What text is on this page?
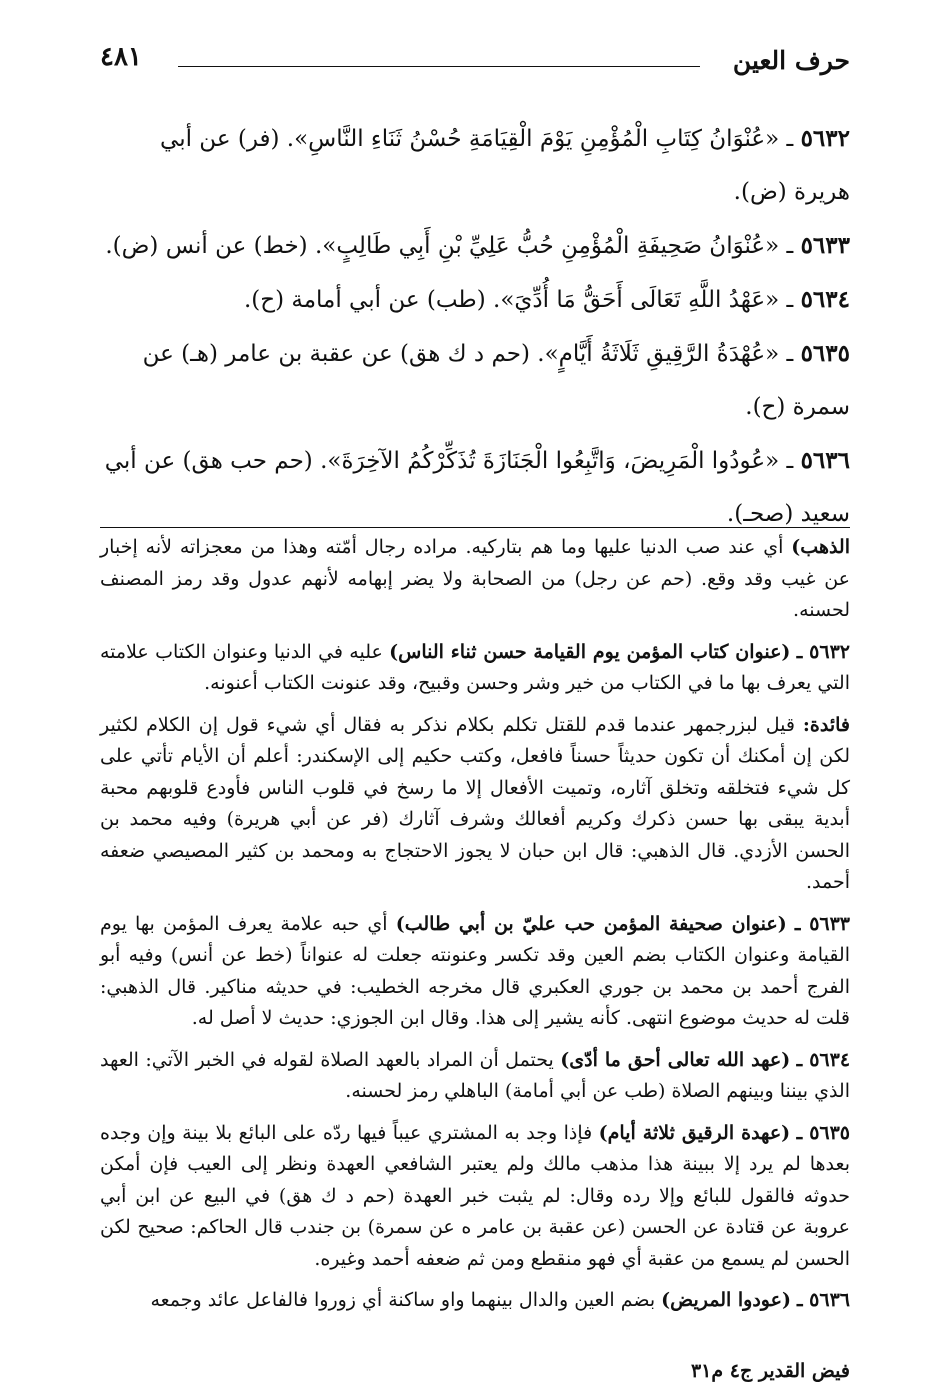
حرف العين
٤٨١

٥٦٣٢ ـ «عُنْوَانُ كِتَابِ الْمُؤْمِنِ يَوْمَ الْقِيَامَةِ حُسْنُ ثَنَاءِ النَّاسِ». (فر) عن أبي
هريرة (ض).

٥٦٣٣ ـ «عُنْوَانُ صَحِيفَةِ الْمُؤْمِنِ حُبُّ عَلِيِّ بْنِ أَبِي طَالِبٍ». (خط) عن أنس (ض).

٥٦٣٤ ـ «عَهْدُ اللَّهِ تَعَالَى أَحَقُّ مَا أُدِّيَ». (طب) عن أبي أمامة (ح).

٥٦٣٥ ـ «عُهْدَةُ الرَّقِيقِ ثَلَاثَةُ أَيَّامٍ». (حم د ك هق) عن عقبة بن عامر (هـ) عن
سمرة (ح).

٥٦٣٦ ـ «عُودُوا الْمَرِيضَ، وَاتَّبِعُوا الْجَنَازَةَ تُذَكِّرْكُمُ الآخِرَةَ». (حم حب هق) عن أبي
سعيد (صحـ).

الذهب) أي عند صب الدنيا عليها وما هم بتاركيه. مراده رجال أمّته وهذا من معجزاته لأنه إخبار عن غيب وقد وقع. (حم عن رجل) من الصحابة ولا يضر إبهامه لأنهم عدول وقد رمز المصنف لحسنه.

٥٦٣٢ ـ (عنوان كتاب المؤمن يوم القيامة حسن ثناء الناس) عليه في الدنيا وعنوان الكتاب علامته التي يعرف بها ما في الكتاب من خير وشر وحسن وقبيح، وقد عنونت الكتاب أعنونه.

فائدة: قيل لبزرجمهر عندما قدم للقتل تكلم بكلام نذكر به فقال أي شيء قول إن الكلام لكثير لكن إن أمكنك أن تكون حديثاً حسناً فافعل، وكتب حكيم إلى الإسكندر: أعلم أن الأيام تأتي على كل شيء فتخلقه وتخلق آثاره، وتميت الأفعال إلا ما رسخ في قلوب الناس فأودع قلوبهم محبة أبدية يبقى بها حسن ذكرك وكريم أفعالك وشرف آثارك (فر عن أبي هريرة) وفيه محمد بن الحسن الأزدي. قال الذهبي: قال ابن حبان لا يجوز الاحتجاج به ومحمد بن كثير المصيصي ضعفه أحمد.

٥٦٣٣ ـ (عنوان صحيفة المؤمن حب عليّ بن أبي طالب) أي حبه علامة يعرف المؤمن بها يوم القيامة وعنوان الكتاب بضم العين وقد تكسر وعنونته جعلت له عنواناً (خط عن أنس) وفيه أبو الفرج أحمد بن محمد بن جوري العكبري قال مخرجه الخطيب: في حديثه مناكير. قال الذهبي: قلت له حديث موضوع انتهى. كأنه يشير إلى هذا. وقال ابن الجوزي: حديث لا أصل له.

٥٦٣٤ ـ (عهد الله تعالى أحق ما أدّى) يحتمل أن المراد بالعهد الصلاة لقوله في الخبر الآتي: العهد الذي بيننا وبينهم الصلاة (طب عن أبي أمامة) الباهلي رمز لحسنه.

٥٦٣٥ ـ (عهدة الرقيق ثلاثة أيام) فإذا وجد به المشتري عيباً فيها ردّه على البائع بلا بينة وإن وجده بعدها لم يرد إلا ببينة هذا مذهب مالك ولم يعتبر الشافعي العهدة ونظر إلى العيب فإن أمكن حدوثه فالقول للبائع وإلا رده وقال: لم يثبت خبر العهدة (حم د ك هق) في البيع عن ابن أبي عروبة عن قتادة عن الحسن (عن عقبة بن عامر ه عن سمرة) بن جندب قال الحاكم: صحيح لكن الحسن لم يسمع من عقبة أي فهو منقطع ومن ثم ضعفه أحمد وغيره.

٥٦٣٦ ـ (عودوا المريض) بضم العين والدال بينهما واو ساكنة أي زوروا فالفاعل عائد وجمعه

فيض القدير ج٤ م٣١
